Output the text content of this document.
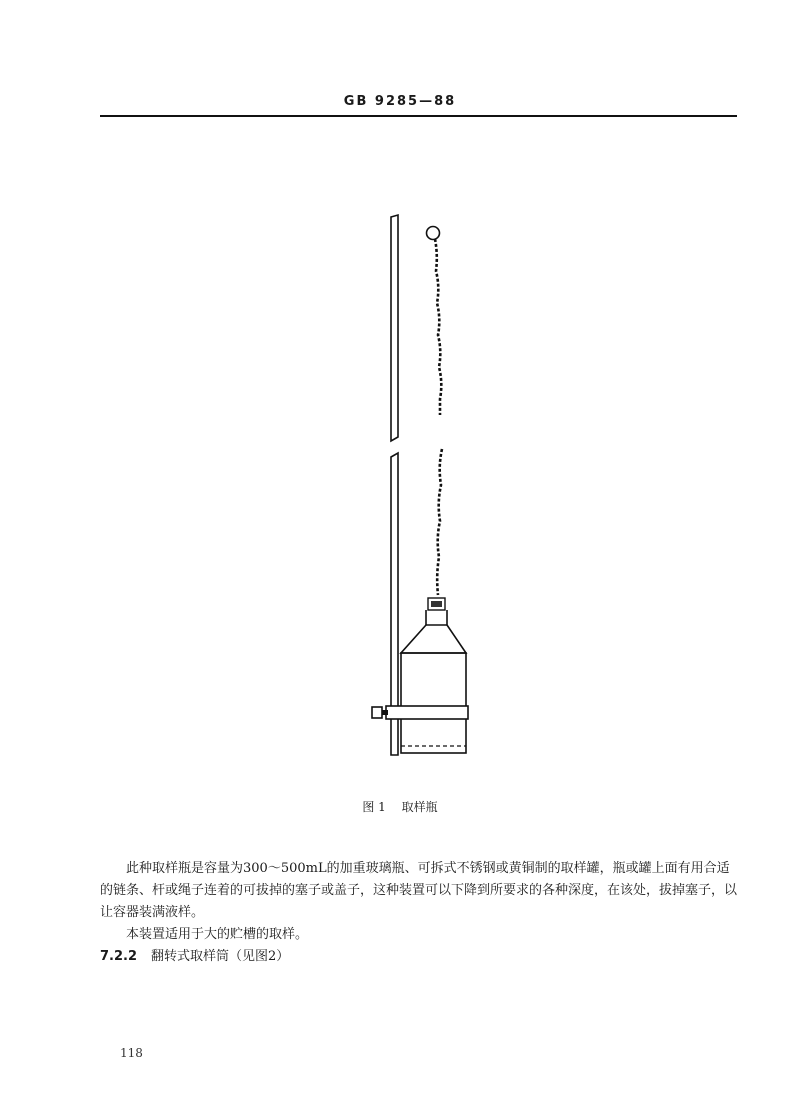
GB 9285—88
图 1 取样瓶
此种取样瓶是容量为300～500mL的加重玻璃瓶、可拆式不锈钢或黄铜制的取样罐，瓶或罐上面有用合适的链条、杆或绳子连着的可拔掉的塞子或盖子，这种装置可以下降到所要求的各种深度，在该处，拔掉塞子，以让容器装满液样。
本装置适用于大的贮槽的取样。
7.2.2 翻转式取样筒（见图2）
118
